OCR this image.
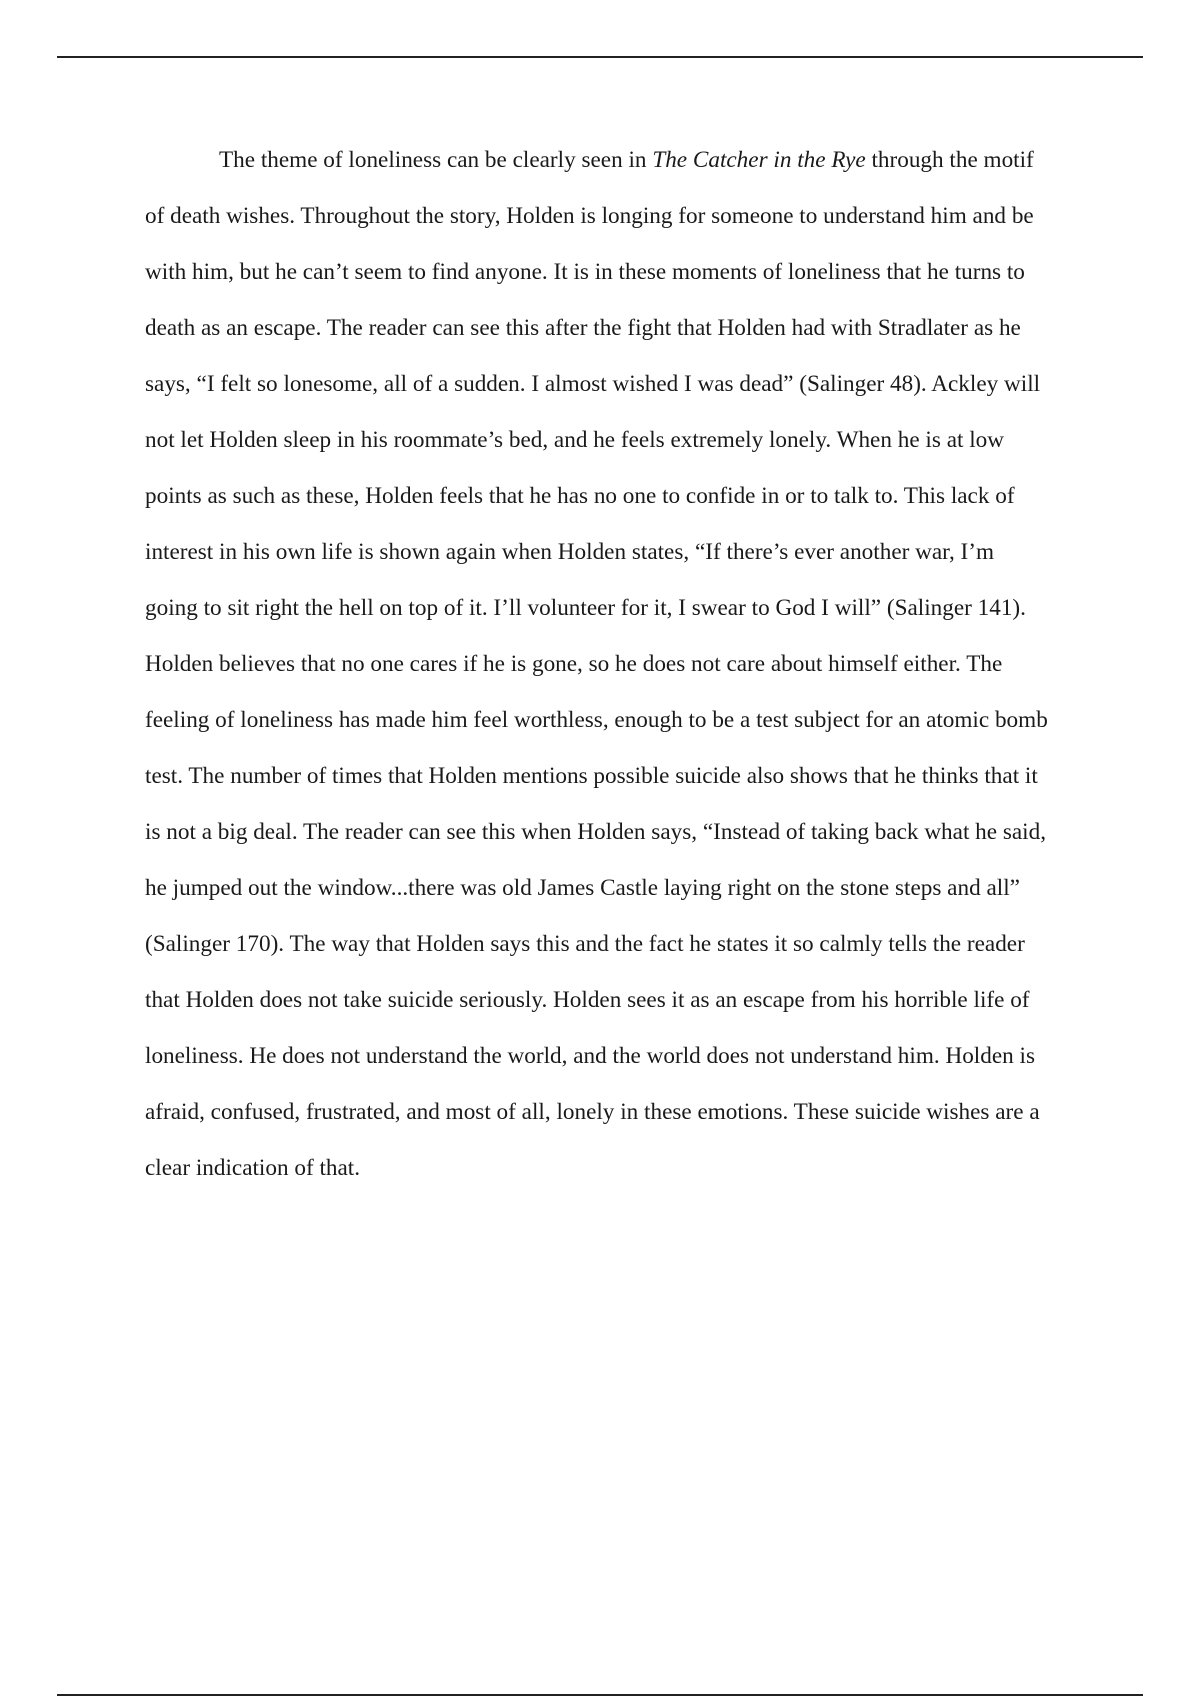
The theme of loneliness can be clearly seen in The Catcher in the Rye through the motif
of death wishes. Throughout the story, Holden is longing for someone to understand him and be
with him, but he can’t seem to find anyone. It is in these moments of loneliness that he turns to
death as an escape. The reader can see this after the fight that Holden had with Stradlater as he
says, “I felt so lonesome, all of a sudden. I almost wished I was dead” (Salinger 48). Ackley will
not let Holden sleep in his roommate’s bed, and he feels extremely lonely. When he is at low
points as such as these, Holden feels that he has no one to confide in or to talk to. This lack of
interest in his own life is shown again when Holden states, “If there’s ever another war, I’m
going to sit right the hell on top of it. I’ll volunteer for it, I swear to God I will” (Salinger 141).
Holden believes that no one cares if he is gone, so he does not care about himself either. The
feeling of loneliness has made him feel worthless, enough to be a test subject for an atomic bomb
test. The number of times that Holden mentions possible suicide also shows that he thinks that it
is not a big deal. The reader can see this when Holden says, “Instead of taking back what he said,
he jumped out the window...there was old James Castle laying right on the stone steps and all”
(Salinger 170). The way that Holden says this and the fact he states it so calmly tells the reader
that Holden does not take suicide seriously. Holden sees it as an escape from his horrible life of
loneliness. He does not understand the world, and the world does not understand him. Holden is
afraid, confused, frustrated, and most of all, lonely in these emotions. These suicide wishes are a
clear indication of that.
